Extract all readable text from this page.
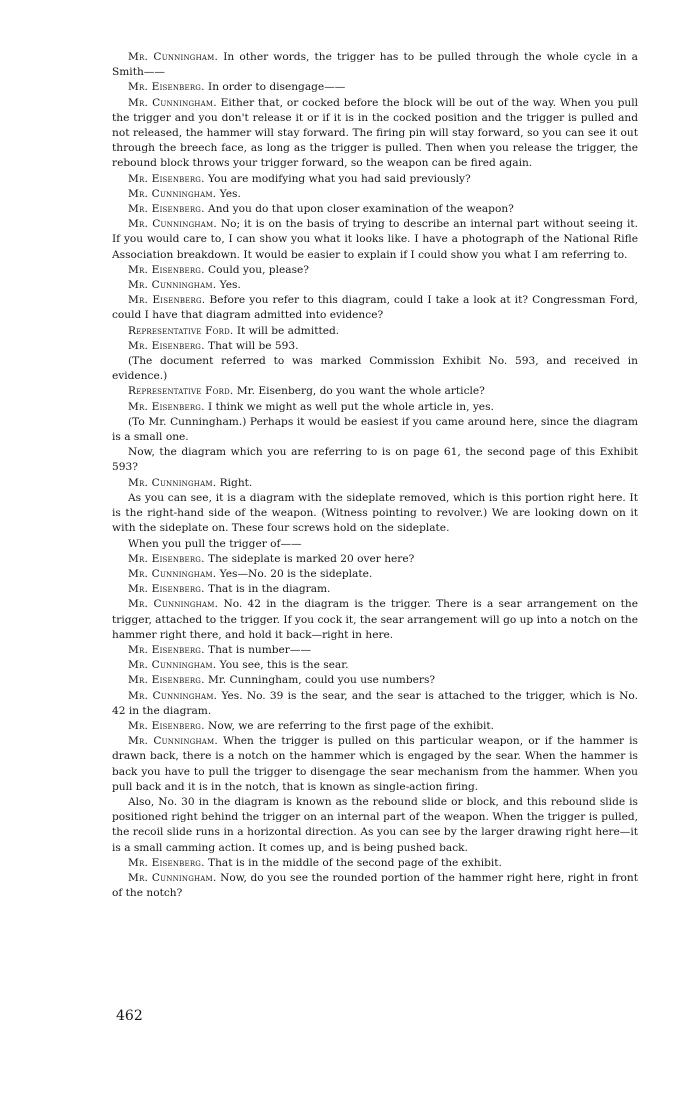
Mr. Cunningham. In other words, the trigger has to be pulled through the whole cycle in a Smith——

Mr. Eisenberg. In order to disengage——

Mr. Cunningham. Either that, or cocked before the block will be out of the way. When you pull the trigger and you don't release it or if it is in the cocked position and the trigger is pulled and not released, the hammer will stay forward. The firing pin will stay forward, so you can see it out through the breech face, as long as the trigger is pulled. Then when you release the trigger, the rebound block throws your trigger forward, so the weapon can be fired again.

Mr. Eisenberg. You are modifying what you had said previously?

Mr. Cunningham. Yes.

Mr. Eisenberg. And you do that upon closer examination of the weapon?

Mr. Cunningham. No; it is on the basis of trying to describe an internal part without seeing it. If you would care to, I can show you what it looks like. I have a photograph of the National Rifle Association breakdown. It would be easier to explain if I could show you what I am referring to.

Mr. Eisenberg. Could you, please?

Mr. Cunningham. Yes.

Mr. Eisenberg. Before you refer to this diagram, could I take a look at it? Congressman Ford, could I have that diagram admitted into evidence?

Representative Ford. It will be admitted.

Mr. Eisenberg. That will be 593.

(The document referred to was marked Commission Exhibit No. 593, and received in evidence.)

Representative Ford. Mr. Eisenberg, do you want the whole article?

Mr. Eisenberg. I think we might as well put the whole article in, yes.

(To Mr. Cunningham.) Perhaps it would be easiest if you came around here, since the diagram is a small one.

Now, the diagram which you are referring to is on page 61, the second page of this Exhibit 593?

Mr. Cunningham. Right.

As you can see, it is a diagram with the sideplate removed, which is this portion right here. It is the right-hand side of the weapon. (Witness pointing to revolver.) We are looking down on it with the sideplate on. These four screws hold on the sideplate.

When you pull the trigger of——

Mr. Eisenberg. The sideplate is marked 20 over here?

Mr. Cunningham. Yes—No. 20 is the sideplate.

Mr. Eisenberg. That is in the diagram.

Mr. Cunningham. No. 42 in the diagram is the trigger. There is a sear arrangement on the trigger, attached to the trigger. If you cock it, the sear arrangement will go up into a notch on the hammer right there, and hold it back—right in here.

Mr. Eisenberg. That is number——

Mr. Cunningham. You see, this is the sear.

Mr. Eisenberg. Mr. Cunningham, could you use numbers?

Mr. Cunningham. Yes. No. 39 is the sear, and the sear is attached to the trigger, which is No. 42 in the diagram.

Mr. Eisenberg. Now, we are referring to the first page of the exhibit.

Mr. Cunningham. When the trigger is pulled on this particular weapon, or if the hammer is drawn back, there is a notch on the hammer which is engaged by the sear. When the hammer is back you have to pull the trigger to disengage the sear mechanism from the hammer. When you pull back and it is in the notch, that is known as single-action firing.

Also, No. 30 in the diagram is known as the rebound slide or block, and this rebound slide is positioned right behind the trigger on an internal part of the weapon. When the trigger is pulled, the recoil slide runs in a horizontal direction. As you can see by the larger drawing right here—it is a small camming action. It comes up, and is being pushed back.

Mr. Eisenberg. That is in the middle of the second page of the exhibit.

Mr. Cunningham. Now, do you see the rounded portion of the hammer right here, right in front of the notch?

462
